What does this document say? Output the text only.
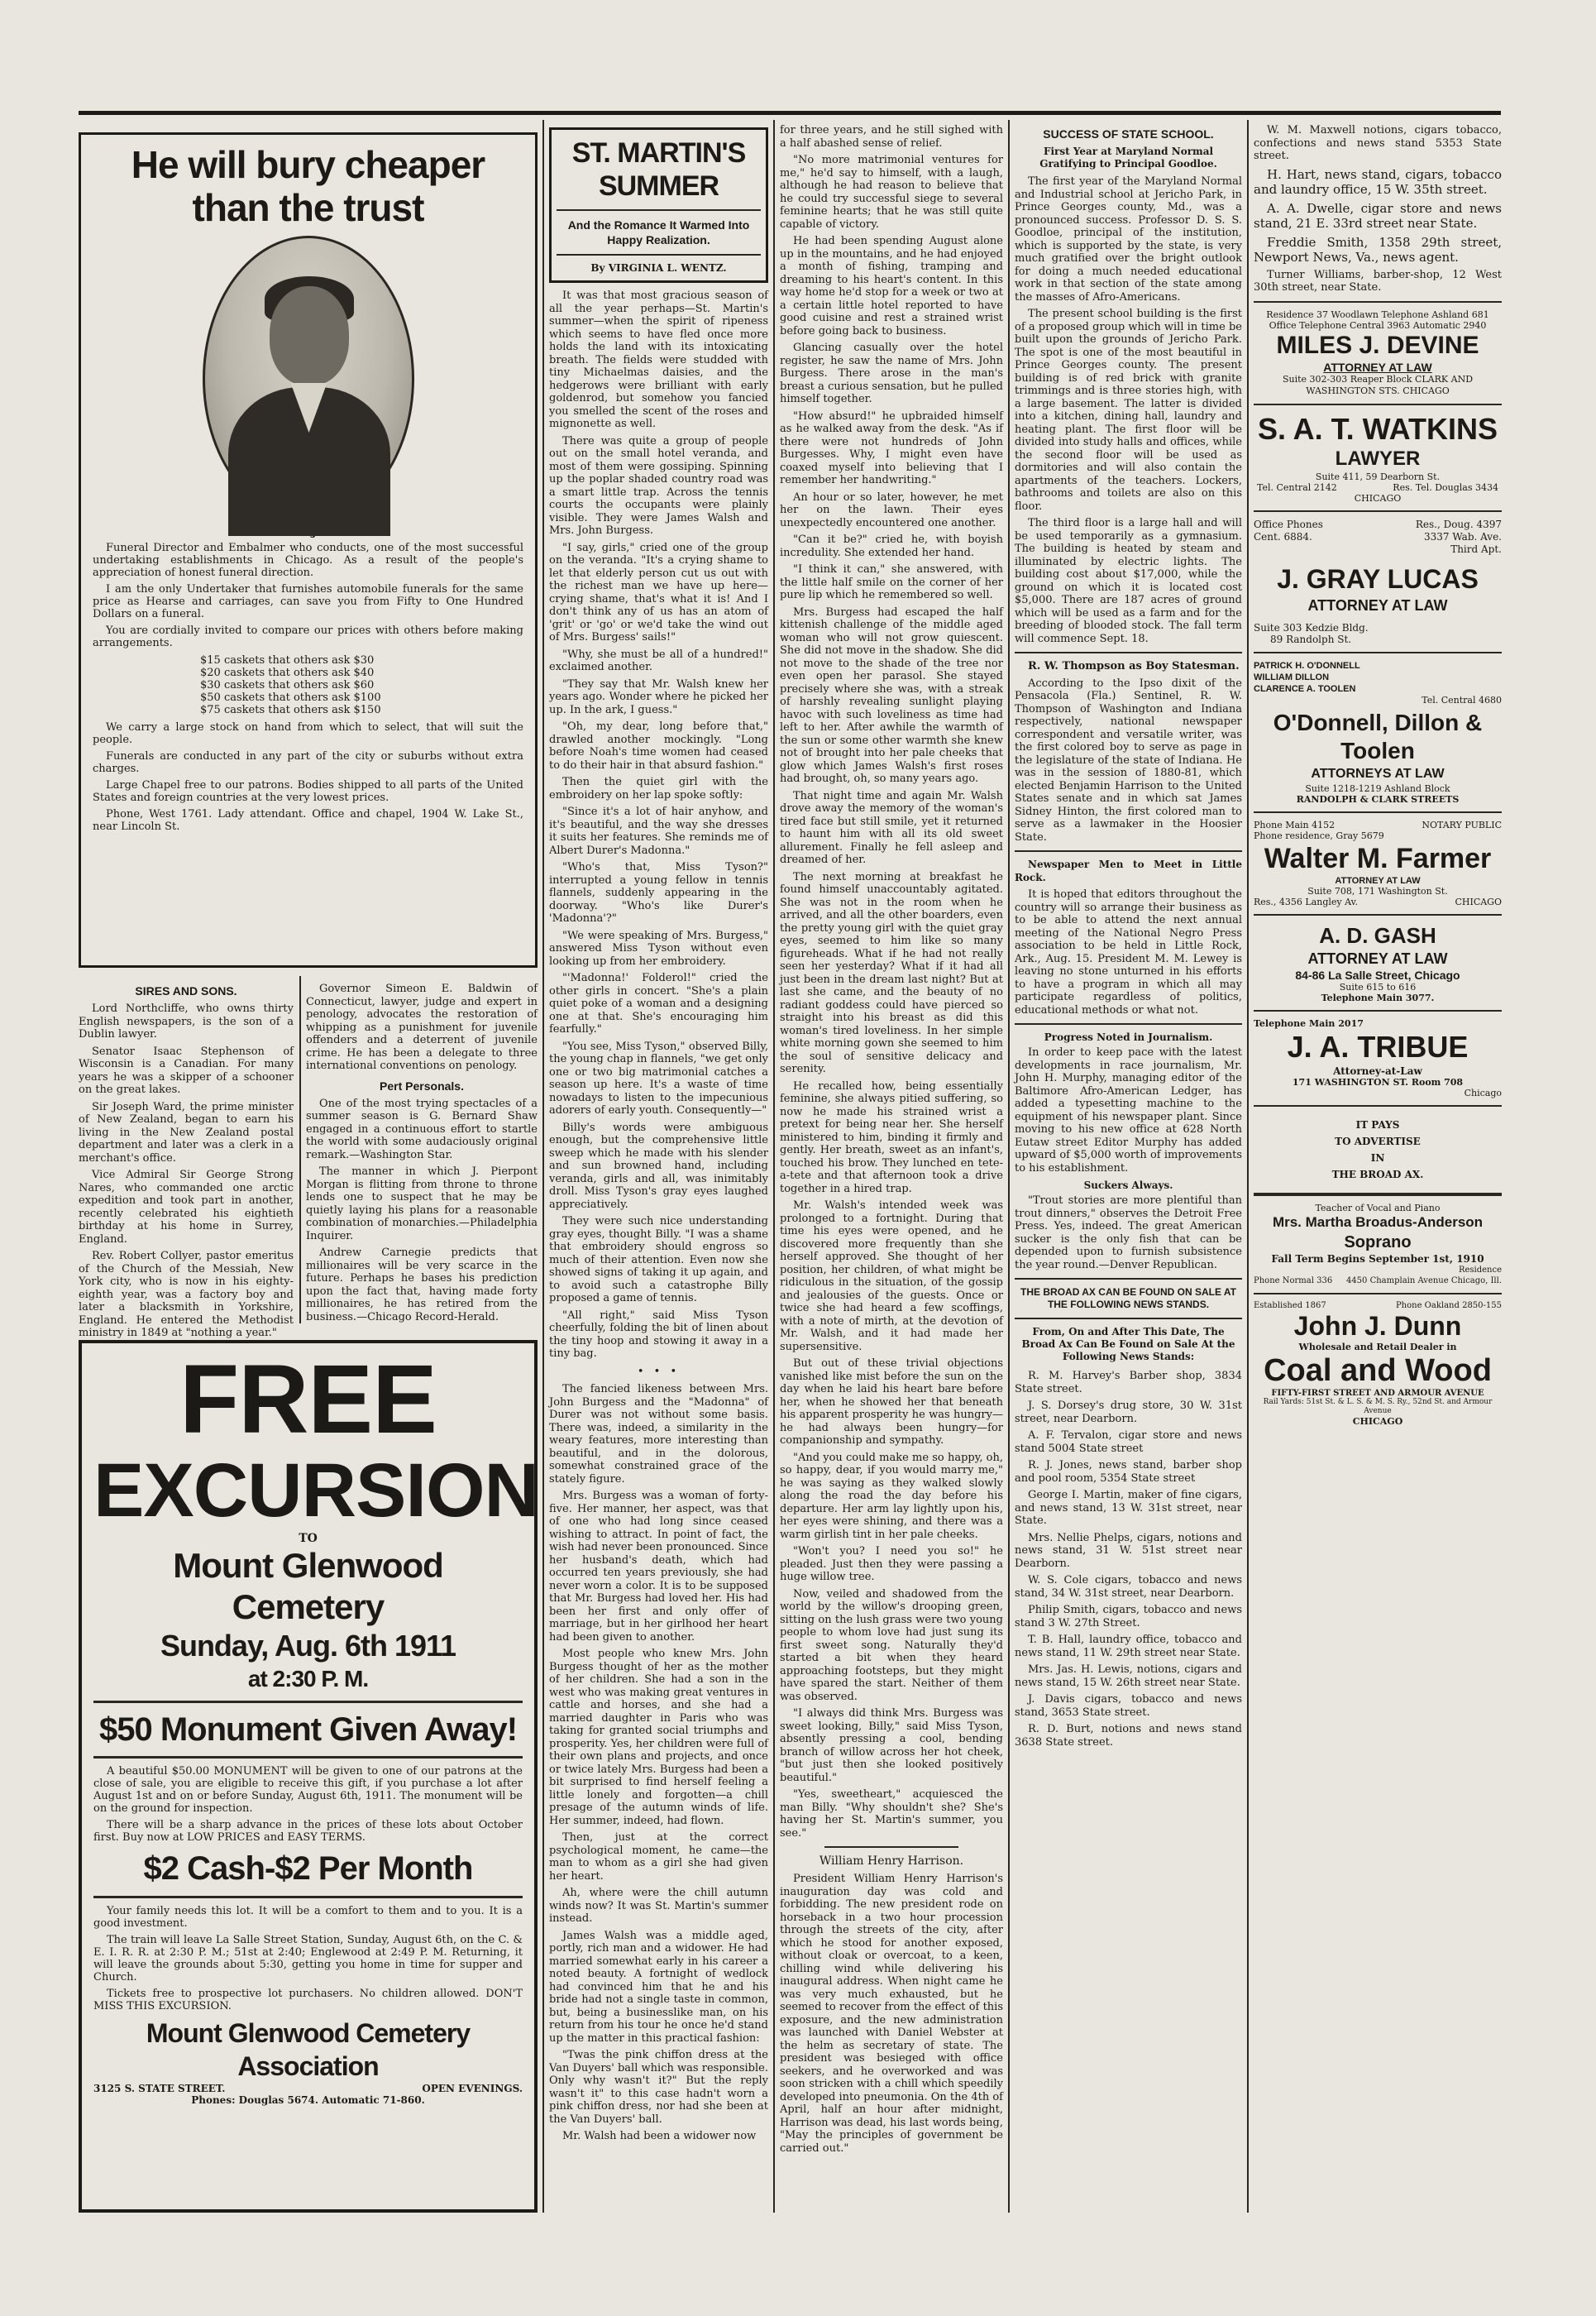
He will bury cheaper than the trust

Funeral Director and Embalmer who conducts, one of the most successful undertaking establishments in Chicago. As a result of the people's appreciation of honest funeral direction.

I am the only Undertaker that furnishes automobile funerals for the same price as Hearse and carriages, can save you from Fifty to One Hundred Dollars on a funeral.

You are cordially invited to compare our prices with others before making arrangements.

$15 caskets that others ask $30
$20 caskets that others ask $40
$30 caskets that others ask $60
$50 caskets that others ask $100
$75 caskets that others ask $150

We carry a large stock on hand from which to select, that will suit the people.

Funerals are conducted in any part of the city or suburbs without extra charges.

Large Chapel free to our patrons. Bodies shipped to all parts of the United States and foreign countries at the very lowest prices.

Phone, West 1761. Lady attendant. Office and chapel, 1904 W. Lake St., near Lincoln St.

SIRES AND SONS.

Lord Northcliffe, who owns thirty English newspapers, is the son of a Dublin lawyer.

Senator Isaac Stephenson of Wisconsin is a Canadian. For many years he was a skipper of a schooner on the great lakes.

Sir Joseph Ward, the prime minister of New Zealand, began to earn his living in the New Zealand postal department and later was a clerk in a merchant's office.

Vice Admiral Sir George Strong Nares, who commanded one arctic expedition and took part in another, recently celebrated his eightieth birthday at his home in Surrey, England.

Rev. Robert Collyer, pastor emeritus of the Church of the Messiah, New York city, who is now in his eighty-eighth year, was a factory boy and later a blacksmith in Yorkshire, England. He entered the Methodist ministry in 1849 at "nothing a year."

Governor Simeon E. Baldwin of Connecticut, lawyer, judge and expert in penology, advocates the restoration of whipping as a punishment for juvenile offenders and a deterrent of juvenile crime. He has been a delegate to three international conventions on penology.

Pert Personals.

One of the most trying spectacles of a summer season is G. Bernard Shaw engaged in a continuous effort to startle the world with some audaciously original remark.—Washington Star.

The manner in which J. Pierpont Morgan is flitting from throne to throne lends one to suspect that he may be quietly laying his plans for a reasonable combination of monarchies.—Philadelphia Inquirer.

Andrew Carnegie predicts that millionaires will be very scarce in the future. Perhaps he bases his prediction upon the fact that, having made forty millionaires, he has retired from the business.—Chicago Record-Herald.

FREE
EXCURSION
TO
Mount Glenwood Cemetery
Sunday, Aug. 6th 1911
at 2:30 P. M.
$50 Monument Given Away!

A beautiful $50.00 MONUMENT will be given to one of our patrons at the close of sale, you are eligible to receive this gift, if you purchase a lot after August 1st and on or before Sunday, August 6th, 1911. The monument will be on the ground for inspection.

There will be a sharp advance in the prices of these lots about October first. Buy now at LOW PRICES and EASY TERMS.

$2 Cash-$2 Per Month

Your family needs this lot. It will be a comfort to them and to you. It is a good investment.

The train will leave La Salle Street Station, Sunday, August 6th, on the C. & E. I. R. R. at 2:30 P. M.; 51st at 2:40; Englewood at 2:49 P. M. Returning, it will leave the grounds about 5:30, getting you home in time for supper and Church.

Tickets free to prospective lot purchasers. No children allowed. DON'T MISS THIS EXCURSION.

Mount Glenwood Cemetery Association
3125 S. STATE STREET.	OPEN EVENINGS.
Phones: Douglas 5674. Automatic 71-860.
ST. MARTIN'S SUMMER
And the Romance It Warmed Into Happy Realization.
By VIRGINIA L. WENTZ.

It was that most gracious season of all the year perhaps—St. Martin's summer—when the spirit of ripeness which seems to have fled once more holds the land with its intoxicating breath. The fields were studded with tiny Michaelmas daisies, and the hedgerows were brilliant with early goldenrod, but somehow you fancied you smelled the scent of the roses and mignonette as well.

There was quite a group of people out on the small hotel veranda, and most of them were gossiping. Spinning up the poplar shaded country road was a smart little trap. Across the tennis courts the occupants were plainly visible. They were James Walsh and Mrs. John Burgess.

"I say, girls," cried one of the group on the veranda. "It's a crying shame to let that elderly person cut us out with the richest man we have up here—crying shame, that's what it is! And I don't think any of us has an atom of 'grit' or 'go' or we'd take the wind out of Mrs. Burgess' sails!"

"Why, she must be all of a hundred!" exclaimed another.

"They say that Mr. Walsh knew her years ago. Wonder where he picked her up. In the ark, I guess."

"Oh, my dear, long before that," drawled another mockingly. "Long before Noah's time women had ceased to do their hair in that absurd fashion."

Then the quiet girl with the embroidery on her lap spoke softly:

"Since it's a lot of hair anyhow, and it's beautiful, and the way she dresses it suits her features. She reminds me of Albert Durer's Madonna."

"Who's that, Miss Tyson?" interrupted a young fellow in tennis flannels, suddenly appearing in the doorway. "Who's like Durer's 'Madonna'?"

"We were speaking of Mrs. Burgess," answered Miss Tyson without even looking up from her embroidery.

"'Madonna!' Folderol!" cried the other girls in concert. "She's a plain quiet poke of a woman and a designing one at that. She's encouraging him fearfully."

"You see, Miss Tyson," observed Billy, the young chap in flannels, "we get only one or two big matrimonial catches a season up here. It's a waste of time nowadays to listen to the impecunious adorers of early youth. Consequently—"

Billy's words were ambiguous enough, but the comprehensive little sweep which he made with his slender and sun browned hand, including veranda, girls and all, was inimitably droll. Miss Tyson's gray eyes laughed appreciatively.

They were such nice understanding gray eyes, thought Billy. "I was a shame that embroidery should engross so much of their attention. Even now she showed signs of taking it up again, and to avoid such a catastrophe Billy proposed a game of tennis.

"All right," said Miss Tyson cheerfully, folding the bit of linen about the tiny hoop and stowing it away in a tiny bag.

• • •

The fancied likeness between Mrs. John Burgess and the "Madonna" of Durer was not without some basis. There was, indeed, a similarity in the weary features, more interesting than beautiful, and in the dolorous, somewhat constrained grace of the stately figure.

Mrs. Burgess was a woman of forty-five. Her manner, her aspect, was that of one who had long since ceased wishing to attract. In point of fact, the wish had never been pronounced. Since her husband's death, which had occurred ten years previously, she had never worn a color. It is to be supposed that Mr. Burgess had loved her. His had been her first and only offer of marriage, but in her girlhood her heart had been given to another.

Most people who knew Mrs. John Burgess thought of her as the mother of her children. She had a son in the west who was making great ventures in cattle and horses, and she had a married daughter in Paris who was taking for granted social triumphs and prosperity. Yes, her children were full of their own plans and projects, and once or twice lately Mrs. Burgess had been a bit surprised to find herself feeling a little lonely and forgotten—a chill presage of the autumn winds of life. Her summer, indeed, had flown.

Then, just at the correct psychological moment, he came—the man to whom as a girl she had given her heart.

Ah, where were the chill autumn winds now? It was St. Martin's summer instead.

James Walsh was a middle aged, portly, rich man and a widower. He had married somewhat early in his career a noted beauty. A fortnight of wedlock had convinced him that he and his bride had not a single taste in common, but, being a businesslike man, on his return from his tour he once he'd stand up the matter in this practical fashion:

"Twas the pink chiffon dress at the Van Duyers' ball which was responsible. Only why wasn't it?" But the reply wasn't it" to this case hadn't worn a pink chiffon dress, nor had she been at the Van Duyers' ball.

Mr. Walsh had been a widower now

for three years, and he still sighed with a half abashed sense of relief.

"No more matrimonial ventures for me," he'd say to himself, with a laugh, although he had reason to believe that he could try successful siege to several feminine hearts; that he was still quite capable of victory.

He had been spending August alone up in the mountains, and he had enjoyed a month of fishing, tramping and dreaming to his heart's content. In this way home he'd stop for a week or two at a certain little hotel reported to have good cuisine and rest a strained wrist before going back to business.

Glancing casually over the hotel register, he saw the name of Mrs. John Burgess. There arose in the man's breast a curious sensation, but he pulled himself together.

"How absurd!" he upbraided himself as he walked away from the desk. "As if there were not hundreds of John Burgesses. Why, I might even have coaxed myself into believing that I remember her handwriting."

An hour or so later, however, he met her on the lawn. Their eyes unexpectedly encountered one another.

"Can it be?" cried he, with boyish incredulity. She extended her hand.

"I think it can," she answered, with the little half smile on the corner of her pure lip which he remembered so well.

Mrs. Burgess had escaped the half kittenish challenge of the middle aged woman who will not grow quiescent. She did not move in the shadow. She did not move to the shade of the tree nor even open her parasol. She stayed precisely where she was, with a streak of harshly revealing sunlight playing havoc with such loveliness as time had left to her. After awhile the warmth of the sun or some other warmth she knew not of brought into her pale cheeks that glow which James Walsh's first roses had brought, oh, so many years ago.

That night time and again Mr. Walsh drove away the memory of the woman's tired face but still smile, yet it returned to haunt him with all its old sweet allurement. Finally he fell asleep and dreamed of her.

The next morning at breakfast he found himself unaccountably agitated. She was not in the room when he arrived, and all the other boarders, even the pretty young girl with the quiet gray eyes, seemed to him like so many figureheads. What if he had not really seen her yesterday? What if it had all just been in the dream last night? But at last she came, and the beauty of no radiant goddess could have pierced so straight into his breast as did this woman's tired loveliness. In her simple white morning gown she seemed to him the soul of sensitive delicacy and serenity.

He recalled how, being essentially feminine, she always pitied suffering, so now he made his strained wrist a pretext for being near her. She herself ministered to him, binding it firmly and gently. Her breath, sweet as an infant's, touched his brow. They lunched en tete-a-tete and that afternoon took a drive together in a hired trap.

Mr. Walsh's intended week was prolonged to a fortnight. During that time his eyes were opened, and he discovered more frequently than she herself approved. She thought of her position, her children, of what might be ridiculous in the situation, of the gossip and jealousies of the guests. Once or twice she had heard a few scoffings, with a note of mirth, at the devotion of Mr. Walsh, and it had made her supersensitive.

But out of these trivial objections vanished like mist before the sun on the day when he laid his heart bare before her, when he showed her that beneath his apparent prosperity he was hungry—he had always been hungry—for companionship and sympathy.

"And you could make me so happy, oh, so happy, dear, if you would marry me," he was saying as they walked slowly along the road the day before his departure. Her arm lay lightly upon his, her eyes were shining, and there was a warm girlish tint in her pale cheeks.

"Won't you? I need you so!" he pleaded. Just then they were passing a huge willow tree.

Now, veiled and shadowed from the world by the willow's drooping green, sitting on the lush grass were two young people to whom love had just sung its first sweet song. Naturally they'd started a bit when they heard approaching footsteps, but they might have spared the start. Neither of them was observed.

"I always did think Mrs. Burgess was sweet looking, Billy," said Miss Tyson, absently pressing a cool, bending branch of willow across her hot cheek, "but just then she looked positively beautiful."

"Yes, sweetheart," acquiesced the man Billy. "Why shouldn't she? She's having her St. Martin's summer, you see."

William Henry Harrison.

President William Henry Harrison's inauguration day was cold and forbidding. The new president rode on horseback in a two hour procession through the streets of the city, after which he stood for another exposed, without cloak or overcoat, to a keen, chilling wind while delivering his inaugural address. When night came he was very much exhausted, but he seemed to recover from the effect of this exposure, and the new administration was launched with Daniel Webster at the helm as secretary of state. The president was besieged with office seekers, and he overworked and was soon stricken with a chill which speedily developed into pneumonia. On the 4th of April, half an hour after midnight, Harrison was dead, his last words being, "May the principles of government be carried out."

SUCCESS OF STATE SCHOOL.
First Year at Maryland Normal Gratifying to Principal Goodloe.

The first year of the Maryland Normal and Industrial school at Jericho Park, in Prince Georges county, Md., was a pronounced success. Professor D. S. S. Goodloe, principal of the institution, which is supported by the state, is very much gratified over the bright outlook for doing a much needed educational work in that section of the state among the masses of Afro-Americans.

The present school building is the first of a proposed group which will in time be built upon the grounds of Jericho Park. The spot is one of the most beautiful in Prince Georges county. The present building is of red brick with granite trimmings and is three stories high, with a large basement. The latter is divided into a kitchen, dining hall, laundry and heating plant. The first floor will be divided into study halls and offices, while the second floor will be used as dormitories and will also contain the apartments of the teachers. Lockers, bathrooms and toilets are also on this floor.

The third floor is a large hall and will be used temporarily as a gymnasium. The building is heated by steam and illuminated by electric lights. The building cost about $17,000, while the ground on which it is located cost $5,000. There are 187 acres of ground which will be used as a farm and for the breeding of blooded stock. The fall term will commence Sept. 18.

R. W. Thompson as Boy Statesman.

According to the Ipso dixit of the Pensacola (Fla.) Sentinel, R. W. Thompson of Washington and Indiana respectively, national newspaper correspondent and versatile writer, was the first colored boy to serve as page in the legislature of the state of Indiana. He was in the session of 1880-81, which elected Benjamin Harrison to the United States senate and in which sat James Sidney Hinton, the first colored man to serve as a lawmaker in the Hoosier State.

Newspaper Men to Meet in Little Rock.

It is hoped that editors throughout the country will so arrange their business as to be able to attend the next annual meeting of the National Negro Press association to be held in Little Rock, Ark., Aug. 15. President M. M. Lewey is leaving no stone unturned in his efforts to have a program in which all may participate regardless of politics, educational methods or what not.

Progress Noted in Journalism.

In order to keep pace with the latest developments in race journalism, Mr. John H. Murphy, managing editor of the Baltimore Afro-American Ledger, has added a typesetting machine to the equipment of his newspaper plant. Since moving to his new office at 628 North Eutaw street Editor Murphy has added upward of $5,000 worth of improvements to his establishment.

Suckers Always.

"Trout stories are more plentiful than trout dinners," observes the Detroit Free Press. Yes, indeed. The great American sucker is the only fish that can be depended upon to furnish subsistence the year round.—Denver Republican.

THE BROAD AX CAN BE FOUND ON SALE AT THE FOLLOWING NEWS STANDS.
From, On and After This Date, The Broad Ax Can Be Found on Sale At the Following News Stands:

R. M. Harvey's Barber shop, 3834 State street.

J. S. Dorsey's drug store, 30 W. 31st street, near Dearborn.

A. F. Tervalon, cigar store and news stand 5004 State street

R. J. Jones, news stand, barber shop and pool room, 5354 State street

George I. Martin, maker of fine cigars, and news stand, 13 W. 31st street, near State.

Mrs. Nellie Phelps, cigars, notions and news stand, 31 W. 51st street near Dearborn.

W. S. Cole cigars, tobacco and news stand, 34 W. 31st street, near Dearborn.

Philip Smith, cigars, tobacco and news stand 3 W. 27th Street.

T. B. Hall, laundry office, tobacco and news stand, 11 W. 29th street near State.

Mrs. Jas. H. Lewis, notions, cigars and news stand, 15 W. 26th street near State.

J. Davis cigars, tobacco and news stand, 3653 State street.

R. D. Burt, notions and news stand 3638 State street.

W. M. Maxwell notions, cigars tobacco, confections and news stand 5353 State street.

H. Hart, news stand, cigars, tobacco and laundry office, 15 W. 35th street.

A. A. Dwelle, cigar store and news stand, 21 E. 33rd street near State.

Freddie Smith, 1358 29th street, Newport News, Va., news agent.

Turner Williams, barber-shop, 12 West 30th street, near State.

Residence 37 Woodlawn Telephone Ashland 681 Office Telephone Central 3963 Automatic 2940
MILES J. DEVINE
ATTORNEY AT LAW
Suite 302-303 Reaper Block CLARK AND WASHINGTON STS. CHICAGO
S. A. T. WATKINS
LAWYER
Suite 411, 59 Dearborn St.
Tel. Central 2142	Res. Tel. Douglas 3434
CHICAGO
Office Phones
Cent. 6884.
Res., Doug. 4397
3337 Wab. Ave.
Third Apt.
J. GRAY LUCAS
ATTORNEY AT LAW
Suite 303 Kedzie Bldg.
89 Randolph St.
PATRICK H. O'DONNELL
WILLIAM DILLON
CLARENCE A. TOOLEN
Tel. Central 4680
O'Donnell, Dillon & Toolen
ATTORNEYS AT LAW
Suite 1218-1219 Ashland Block
RANDOLPH & CLARK STREETS
Phone Main 4152	NOTARY PUBLIC
Phone residence, Gray 5679
Walter M. Farmer
ATTORNEY AT LAW
Suite 708, 171 Washington St.
Res., 4356 Langley Av.	CHICAGO
A. D. GASH
ATTORNEY AT LAW
84-86 La Salle Street, Chicago
Suite 615 to 616
Telephone Main 3077.
Telephone Main 2017
J. A. TRIBUE
Attorney-at-Law
171 WASHINGTON ST. Room 708
Chicago
IT PAYS
TO ADVERTISE
IN
THE BROAD AX.
Teacher of Vocal and Piano
Mrs. Martha Broadus-Anderson
Soprano
Fall Term Begins September 1st, 1910
Phone Normal 336
Residence
4450 Champlain Avenue Chicago, Ill.
Established 1867	Phone Oakland 2850-155
John J. Dunn
Wholesale and Retail Dealer in
Coal and Wood
FIFTY-FIRST STREET AND ARMOUR AVENUE
Rail Yards: 51st St. & L. S. & M. S. Ry., 52nd St. and Armour Avenue
CHICAGO
